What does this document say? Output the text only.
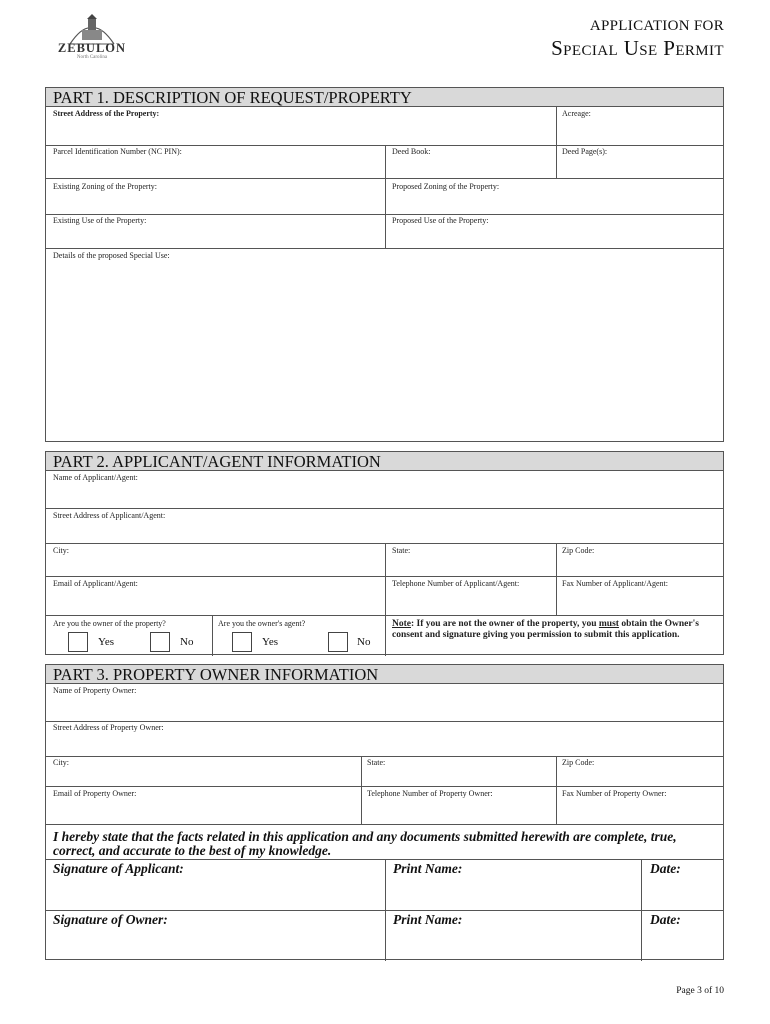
ZEBULON
North Carolina
APPLICATION FOR
Special Use Permit
PART 1. DESCRIPTION OF REQUEST/PROPERTY
Street Address of the Property:	Acreage:
Parcel Identification Number (NC PIN):	Deed Book:	Deed Page(s):
Existing Zoning of the Property:	Proposed Zoning of the Property:
Existing Use of the Property:	Proposed Use of the Property:
Details of the proposed Special Use:
PART 2. APPLICANT/AGENT INFORMATION
Name of Applicant/Agent:
Street Address of Applicant/Agent:
City:	State:	Zip Code:
Email of Applicant/Agent:	Telephone Number of Applicant/Agent:	Fax Number of Applicant/Agent:
Are you the owner of the property?	Are you the owner's agent?
Yes	No	Yes	No
Note: If you are not the owner of the property, you must obtain the Owner's consent and signature giving you permission to submit this application.
PART 3. PROPERTY OWNER INFORMATION
Name of Property Owner:
Street Address of Property Owner:
City:	State:	Zip Code:
Email of Property Owner:	Telephone Number of Property Owner:	Fax Number of Property Owner:
I hereby state that the facts related in this application and any documents submitted herewith are complete, true, correct, and accurate to the best of my knowledge.
Signature of Applicant:	Print Name:	Date:
Signature of Owner:	Print Name:	Date:
Page 3 of 10
